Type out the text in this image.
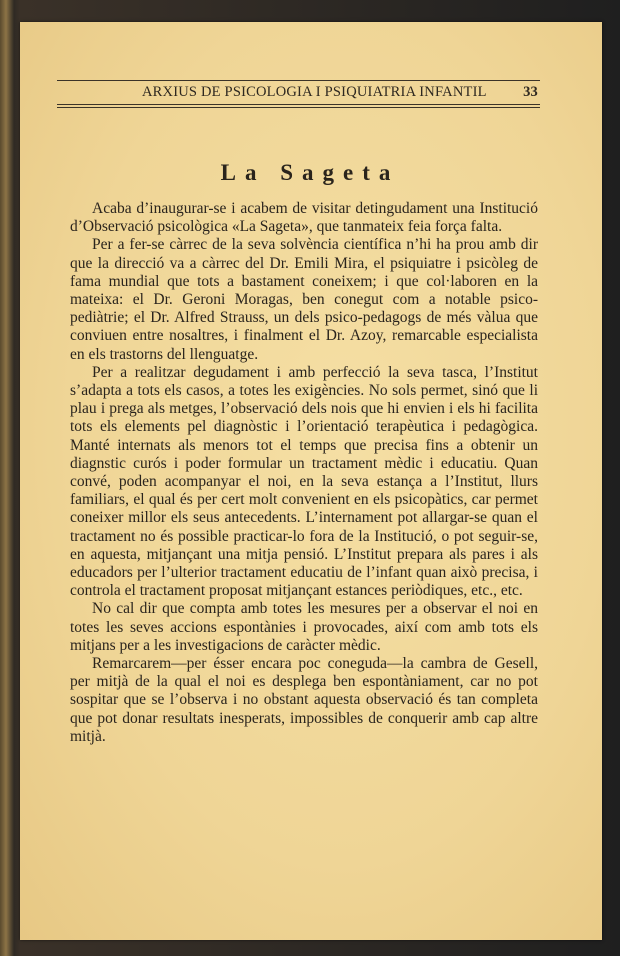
ARXIUS DE PSICOLOGIA I PSIQUIATRIA INFANTIL	33
La Sageta

Acaba d’inaugurar-se i acabem de visitar detingudament una Institució d’Observació psicològica «La Sageta», que tanmateix feia força falta.

Per a fer-se càrrec de la seva solvència científica n’hi ha prou amb dir que la direcció va a càrrec del Dr. Emili Mira, el psiquiatre i psicòleg de fama mundial que tots a bastament coneixem; i que col·laboren en la mateixa: el Dr. Geroni Moragas, ben conegut com a notable psico-pediàtrie; el Dr. Alfred Strauss, un dels psico-pedagogs de més vàlua que conviuen entre nosaltres, i finalment el Dr. Azoy, remarcable especialista en els trastorns del llenguatge.

Per a realitzar degudament i amb perfecció la seva tasca, l’Institut s’adapta a tots els casos, a totes les exigències. No sols permet, sinó que li plau i prega als metges, l’observació dels nois que hi envien i els hi facilita tots els elements pel diagnòstic i l’orientació terapèutica i pedagògica. Manté internats als menors tot el temps que precisa fins a obtenir un diagnstic curós i poder formular un tractament mèdic i educatiu. Quan convé, poden acompanyar el noi, en la seva estança a l’Institut, llurs familiars, el qual és per cert molt convenient en els psicopàtics, car permet coneixer millor els seus antecedents. L’internament pot allargar-se quan el tractament no és possible practicar-lo fora de la Institució, o pot seguir-se, en aquesta, mitjançant una mitja pensió. L’Institut prepara als pares i als educadors per l’ulterior tractament educatiu de l’infant quan això precisa, i controla el tractament proposat mitjançant estances periòdiques, etc., etc.

No cal dir que compta amb totes les mesures per a observar el noi en totes les seves accions espontànies i provocades, així com amb tots els mitjans per a les investigacions de caràcter mèdic.

Remarcarem—per ésser encara poc coneguda—la cambra de Gesell, per mitjà de la qual el noi es desplega ben espontàniament, car no pot sospitar que se l’observa i no obstant aquesta observació és tan completa que pot donar resultats inesperats, impossibles de conquerir amb cap altre mitjà.
